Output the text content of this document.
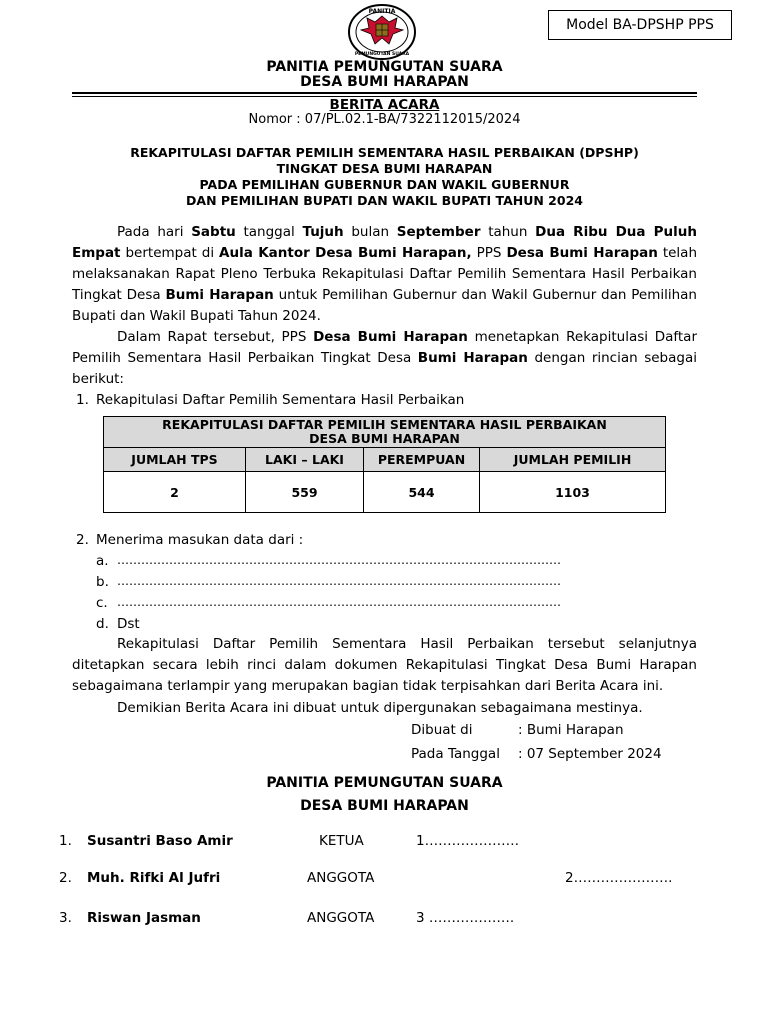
PANITIA
PEMUNGUTAN SUARA
Model BA-DPSHP PPS
PANITIA PEMUNGUTAN SUARA
DESA BUMI HARAPAN
BERITA ACARA
Nomor : 07/PL.02.1-BA/7322112015/2024
REKAPITULASI DAFTAR PEMILIH SEMENTARA HASIL PERBAIKAN (DPSHP)
TINGKAT DESA BUMI HARAPAN
PADA PEMILIHAN GUBERNUR DAN WAKIL GUBERNUR
DAN PEMILIHAN BUPATI DAN WAKIL BUPATI TAHUN 2024
Pada hari Sabtu tanggal Tujuh bulan September tahun Dua Ribu Dua Puluh Empat bertempat di Aula Kantor Desa Bumi Harapan, PPS Desa Bumi Harapan telah melaksanakan Rapat Pleno Terbuka Rekapitulasi Daftar Pemilih Sementara Hasil Perbaikan Tingkat Desa Bumi Harapan untuk Pemilihan Gubernur dan Wakil Gubernur dan Pemilihan Bupati dan Wakil Bupati Tahun 2024.
Dalam Rapat tersebut, PPS Desa Bumi Harapan menetapkan Rekapitulasi Daftar Pemilih Sementara Hasil Perbaikan Tingkat Desa Bumi Harapan dengan rincian sebagai berikut:
1. Rekapitulasi Daftar Pemilih Sementara Hasil Perbaikan
REKAPITULASI DAFTAR PEMILIH SEMENTARA HASIL PERBAIKAN
DESA BUMI HARAPAN			

JUMLAH TPS	LAKI – LAKI	PEREMPUAN	JUMLAH PEMILIH
2	559	544	1103
2. Menerima masukan data dari :
a. …………………………………………………………………………………………………
b. …………………………………………………………………………………………………
c. …………………………………………………………………………………………………
d. Dst
Rekapitulasi Daftar Pemilih Sementara Hasil Perbaikan tersebut selanjutnya ditetapkan secara lebih rinci dalam dokumen Rekapitulasi Tingkat Desa Bumi Harapan sebagaimana terlampir yang merupakan bagian tidak terpisahkan dari Berita Acara ini.
Demikian Berita Acara ini dibuat untuk dipergunakan sebagaimana mestinya.
Dibuat di	: Bumi Harapan
Pada Tanggal : 07 September 2024
PANITIA PEMUNGUTAN SUARA
DESA BUMI HARAPAN
1. Susantri Baso Amir	KETUA	1…………………
2. Muh. Rifki Al Jufri	ANGGOTA	2………………….
3. Riswan Jasman	ANGGOTA	3 ……………….
